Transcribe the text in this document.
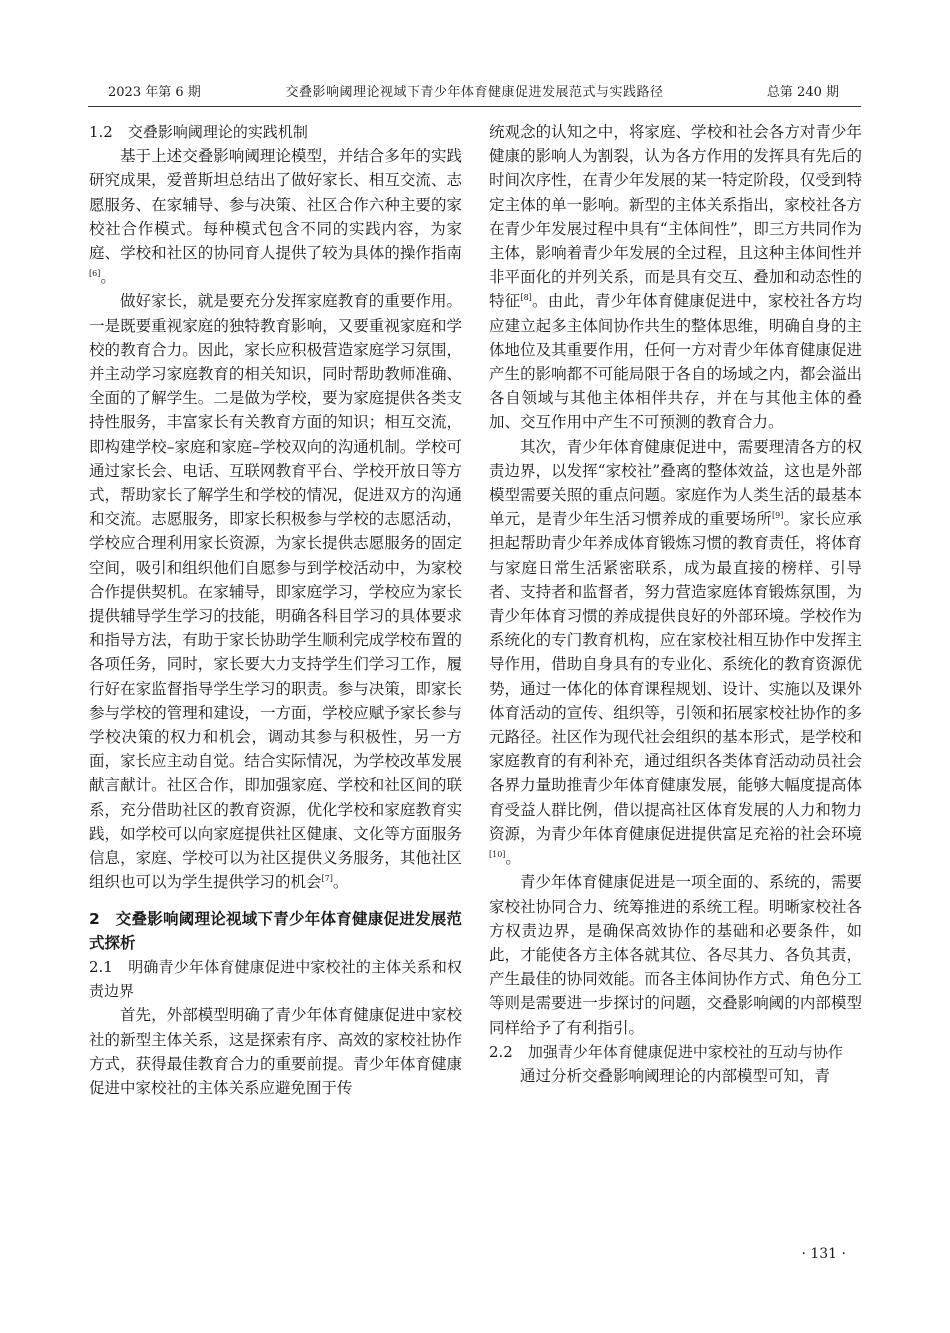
交叠影响阈理论视域下青少年体育健康促进发展范式与实践路径
2023 年第 6 期	总第 240 期

1.2　交叠影响阈理论的实践机制

基于上述交叠影响阈理论模型，并结合多年的实践研究成果，爱普斯坦总结出了做好家长、相互交流、志愿服务、在家辅导、参与决策、社区合作六种主要的家校社合作模式。每种模式包含不同的实践内容，为家庭、学校和社区的协同育人提供了较为具体的操作指南[6]。

做好家长，就是要充分发挥家庭教育的重要作用。一是既要重视家庭的独特教育影响，又要重视家庭和学校的教育合力。因此，家长应积极营造家庭学习氛围，并主动学习家庭教育的相关知识，同时帮助教师准确、全面的了解学生。二是做为学校，要为家庭提供各类支持性服务，丰富家长有关教育方面的知识；相互交流，即构建学校–家庭和家庭–学校双向的沟通机制。学校可通过家长会、电话、互联网教育平台、学校开放日等方式，帮助家长了解学生和学校的情况，促进双方的沟通和交流。志愿服务，即家长积极参与学校的志愿活动，学校应合理利用家长资源，为家长提供志愿服务的固定空间，吸引和组织他们自愿参与到学校活动中，为家校合作提供契机。在家辅导，即家庭学习，学校应为家长提供辅导学生学习的技能，明确各科目学习的具体要求和指导方法，有助于家长协助学生顺利完成学校布置的各项任务，同时，家长要大力支持学生们学习工作，履行好在家监督指导学生学习的职责。参与决策，即家长参与学校的管理和建设，一方面，学校应赋予家长参与学校决策的权力和机会，调动其参与积极性，另一方面，家长应主动自觉。结合实际情况，为学校改革发展献言献计。社区合作，即加强家庭、学校和社区间的联系，充分借助社区的教育资源，优化学校和家庭教育实践，如学校可以向家庭提供社区健康、文化等方面服务信息，家庭、学校可以为社区提供义务服务，其他社区组织也可以为学生提供学习的机会[7]。

2　交叠影响阈理论视域下青少年体育健康促进发展范式探析

2.1　明确青少年体育健康促进中家校社的主体关系和权责边界

首先，外部模型明确了青少年体育健康促进中家校社的新型主体关系，这是探索有序、高效的家校社协作方式，获得最佳教育合力的重要前提。青少年体育健康促进中家校社的主体关系应避免囿于传

统观念的认知之中，将家庭、学校和社会各方对青少年健康的影响人为割裂，认为各方作用的发挥具有先后的时间次序性，在青少年发展的某一特定阶段，仅受到特定主体的单一影响。新型的主体关系指出，家校社各方在青少年发展过程中具有“主体间性”，即三方共同作为主体，影响着青少年发展的全过程，且这种主体间性并非平面化的并列关系，而是具有交互、叠加和动态性的特征[8]。由此，青少年体育健康促进中，家校社各方均应建立起多主体间协作共生的整体思维，明确自身的主体地位及其重要作用，任何一方对青少年体育健康促进产生的影响都不可能局限于各自的场域之内，都会溢出各自领域与其他主体相伴共存，并在与其他主体的叠加、交互作用中产生不可预测的教育合力。

其次，青少年体育健康促进中，需要理清各方的权责边界，以发挥“家校社”叠离的整体效益，这也是外部模型需要关照的重点问题。家庭作为人类生活的最基本单元，是青少年生活习惯养成的重要场所[9]。家长应承担起帮助青少年养成体育锻炼习惯的教育责任，将体育与家庭日常生活紧密联系，成为最直接的榜样、引导者、支持者和监督者，努力营造家庭体育锻炼氛围，为青少年体育习惯的养成提供良好的外部环境。学校作为系统化的专门教育机构，应在家校社相互协作中发挥主导作用，借助自身具有的专业化、系统化的教育资源优势，通过一体化的体育课程规划、设计、实施以及课外体育活动的宣传、组织等，引领和拓展家校社协作的多元路径。社区作为现代社会组织的基本形式，是学校和家庭教育的有利补充，通过组织各类体育活动动员社会各界力量助推青少年体育健康发展，能够大幅度提高体育受益人群比例，借以提高社区体育发展的人力和物力资源，为青少年体育健康促进提供富足充裕的社会环境[10]。

青少年体育健康促进是一项全面的、系统的，需要家校社协同合力、统筹推进的系统工程。明晰家校社各方权责边界，是确保高效协作的基础和必要条件，如此，才能使各方主体各就其位、各尽其力、各负其责，产生最佳的协同效能。而各主体间协作方式、角色分工等则是需要进一步探讨的问题，交叠影响阈的内部模型同样给予了有利指引。

2.2　加强青少年体育健康促进中家校社的互动与协作

通过分析交叠影响阈理论的内部模型可知，青

· 131 ·
